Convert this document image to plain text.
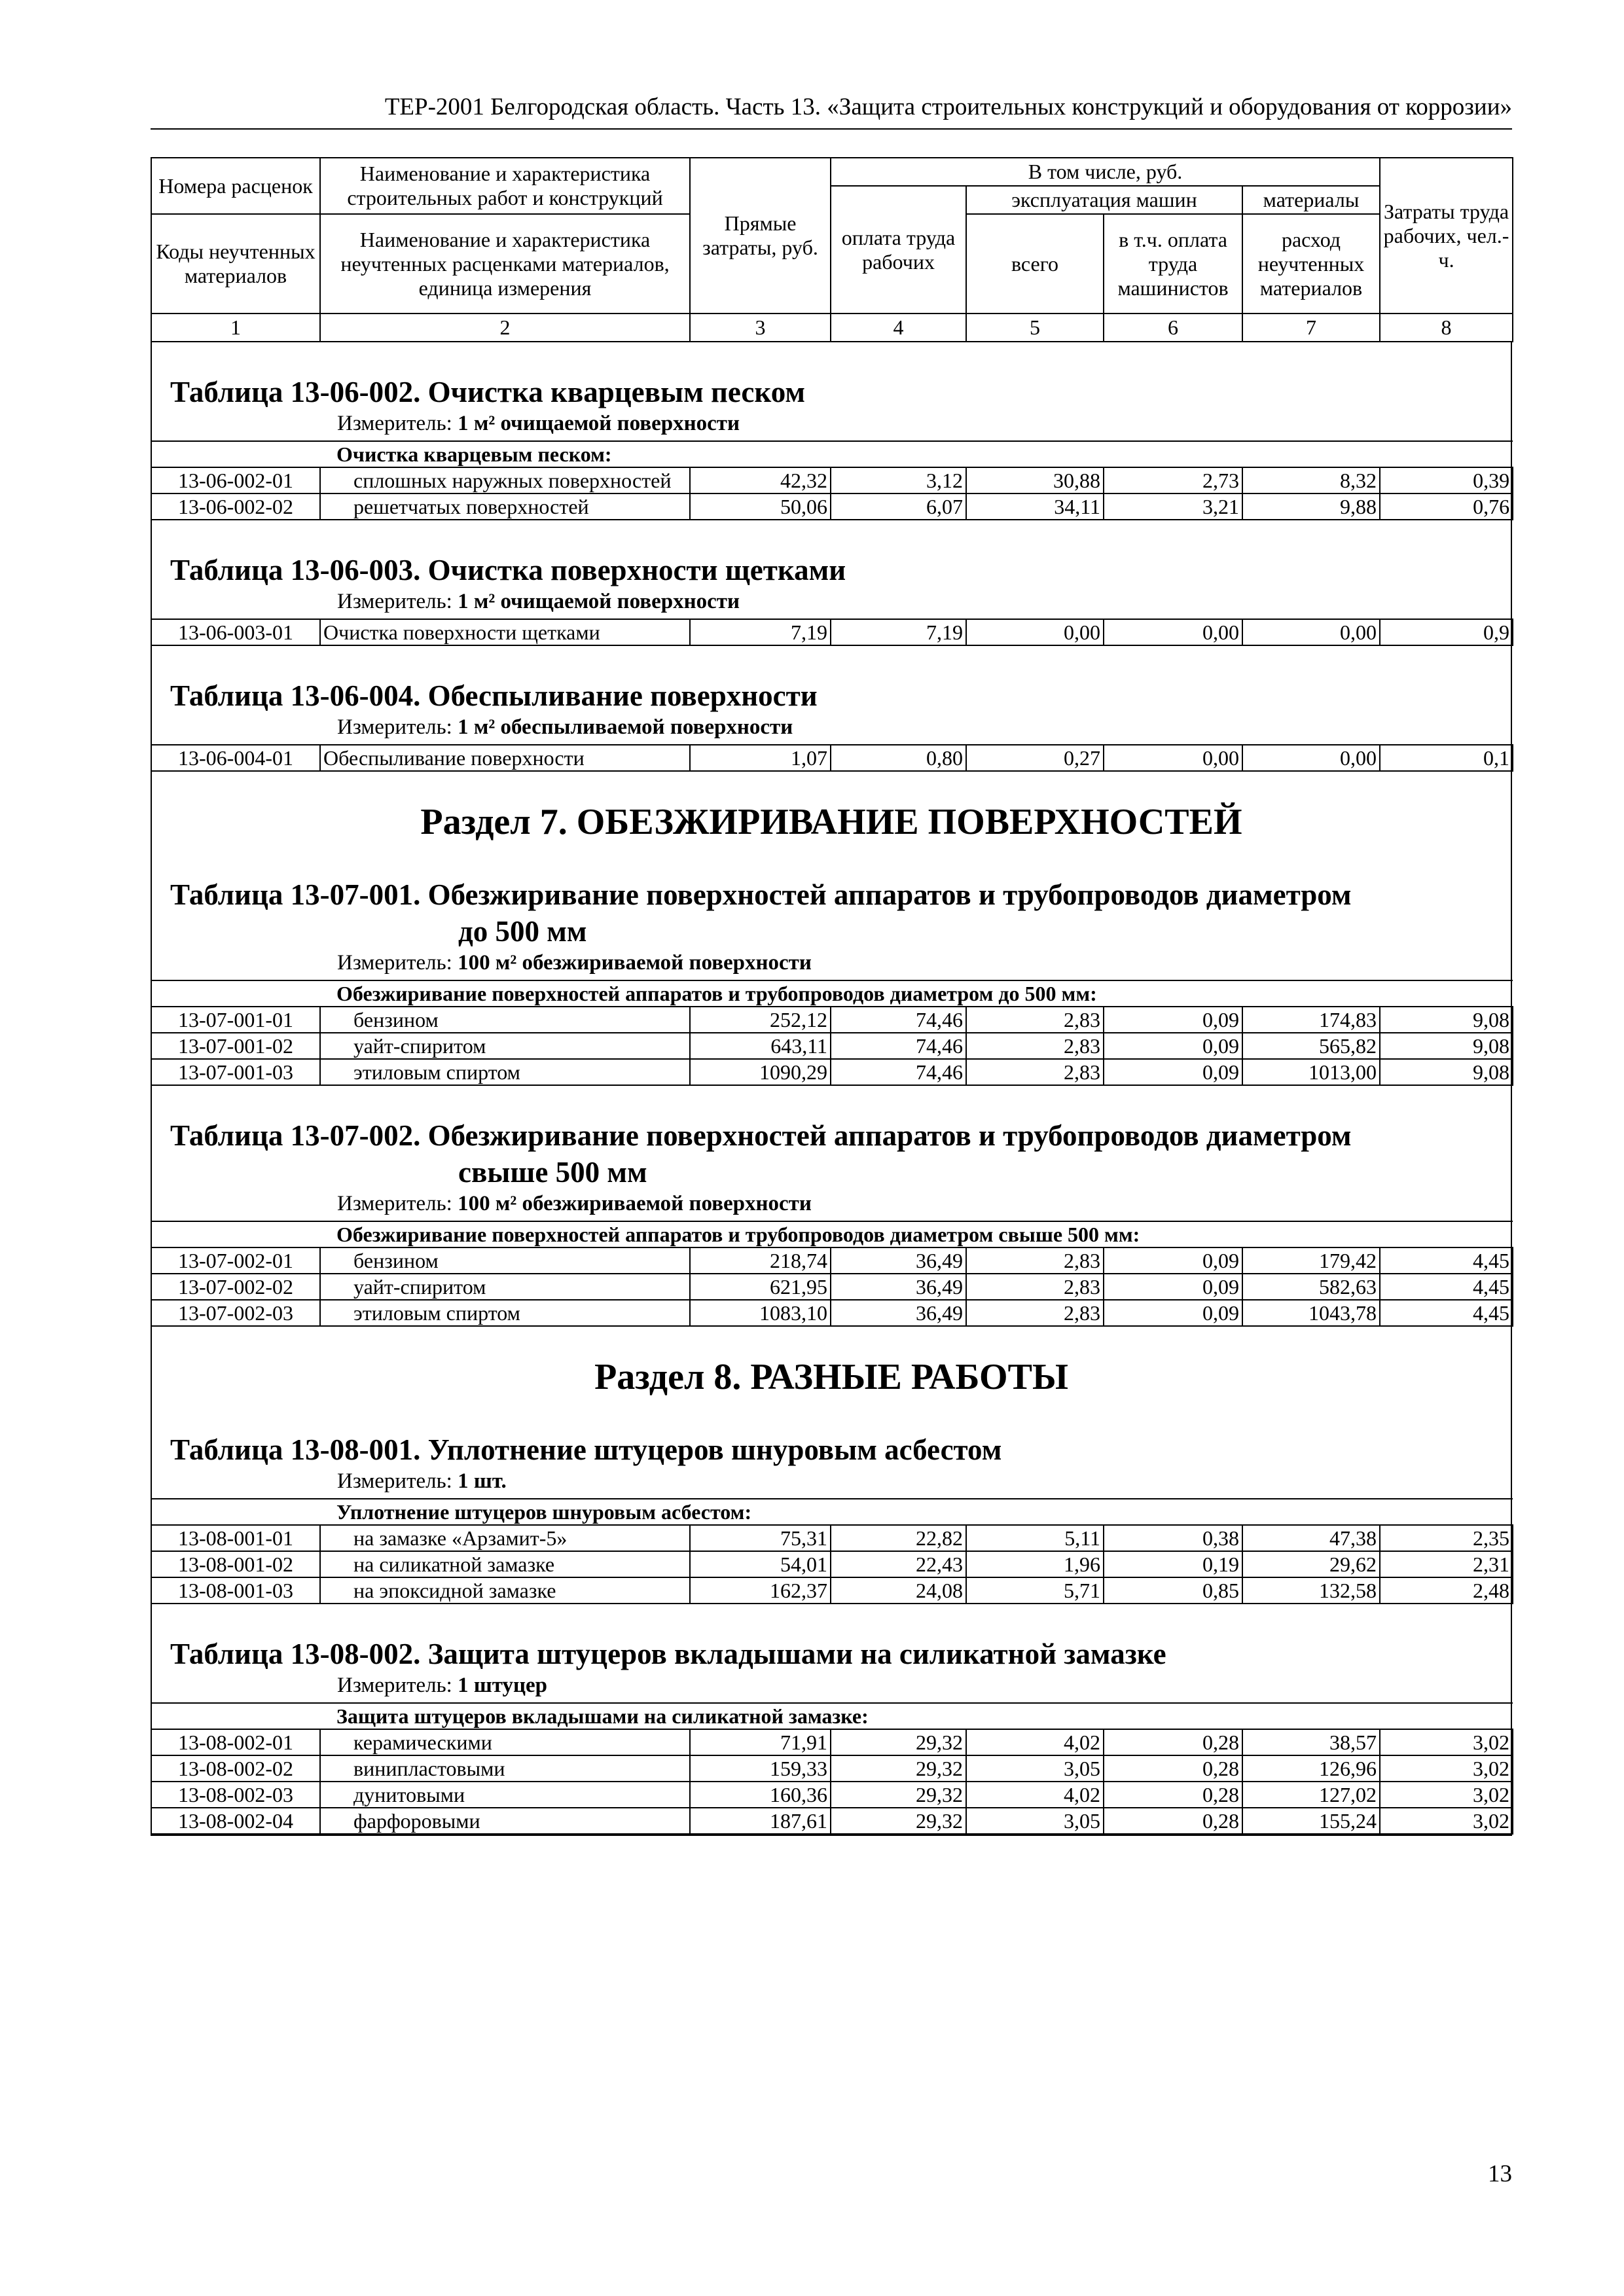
ТЕР-2001 Белгородская область. Часть 13. «Защита строительных конструкций и оборудования от коррозии»
Номера расценок	Наименование и характеристика строительных работ и конструкций	Прямые затраты, руб.	В том числе, руб.				Затраты труда рабочих, чел.-ч.
			оплата труда рабочих	эксплуатация машин		материалы	
Коды неучтенных материалов	Наименование и характеристика неучтенных расценками материалов, единица измерения			всего	в т.ч. оплата труда машинистов	расход неучтенных материалов	

1	2	3	4	5	6	7	8
Таблица 13-06-002. Очистка кварцевым песком
Измеритель: 1 м² очищаемой поверхности
Очистка кварцевым песком:							
13-06-002-01	сплошных наружных поверхностей	42,32	3,12	30,88	2,73	8,32	0,39
13-06-002-02	решетчатых поверхностей	50,06	6,07	34,11	3,21	9,88	0,76
Таблица 13-06-003. Очистка поверхности щетками
Измеритель: 1 м² очищаемой поверхности
13-06-003-01	Очистка поверхности щетками	7,19	7,19	0,00	0,00	0,00	0,9
Таблица 13-06-004. Обеспыливание поверхности
Измеритель: 1 м² обеспыливаемой поверхности
13-06-004-01	Обеспыливание поверхности	1,07	0,80	0,27	0,00	0,00	0,1
Раздел 7. ОБЕЗЖИРИВАНИЕ ПОВЕРХНОСТЕЙ
Таблица 13-07-001. Обезжиривание поверхностей аппаратов и трубопроводов диаметром
до 500 мм
Измеритель: 100 м² обезжириваемой поверхности
Обезжиривание поверхностей аппаратов и трубопроводов диаметром до 500 мм:							
13-07-001-01	бензином	252,12	74,46	2,83	0,09	174,83	9,08
13-07-001-02	уайт-спиритом	643,11	74,46	2,83	0,09	565,82	9,08
13-07-001-03	этиловым спиртом	1090,29	74,46	2,83	0,09	1013,00	9,08
Таблица 13-07-002. Обезжиривание поверхностей аппаратов и трубопроводов диаметром
свыше 500 мм
Измеритель: 100 м² обезжириваемой поверхности
Обезжиривание поверхностей аппаратов и трубопроводов диаметром свыше 500 мм:							
13-07-002-01	бензином	218,74	36,49	2,83	0,09	179,42	4,45
13-07-002-02	уайт-спиритом	621,95	36,49	2,83	0,09	582,63	4,45
13-07-002-03	этиловым спиртом	1083,10	36,49	2,83	0,09	1043,78	4,45
Раздел 8. РАЗНЫЕ РАБОТЫ
Таблица 13-08-001. Уплотнение штуцеров шнуровым асбестом
Измеритель: 1 шт.
Уплотнение штуцеров шнуровым асбестом:							
13-08-001-01	на замазке «Арзамит-5»	75,31	22,82	5,11	0,38	47,38	2,35
13-08-001-02	на силикатной замазке	54,01	22,43	1,96	0,19	29,62	2,31
13-08-001-03	на эпоксидной замазке	162,37	24,08	5,71	0,85	132,58	2,48
Таблица 13-08-002. Защита штуцеров вкладышами на силикатной замазке
Измеритель: 1 штуцер
Защита штуцеров вкладышами на силикатной замазке:							
13-08-002-01	керамическими	71,91	29,32	4,02	0,28	38,57	3,02
13-08-002-02	винипластовыми	159,33	29,32	3,05	0,28	126,96	3,02
13-08-002-03	дунитовыми	160,36	29,32	4,02	0,28	127,02	3,02
13-08-002-04	фарфоровыми	187,61	29,32	3,05	0,28	155,24	3,02
13
